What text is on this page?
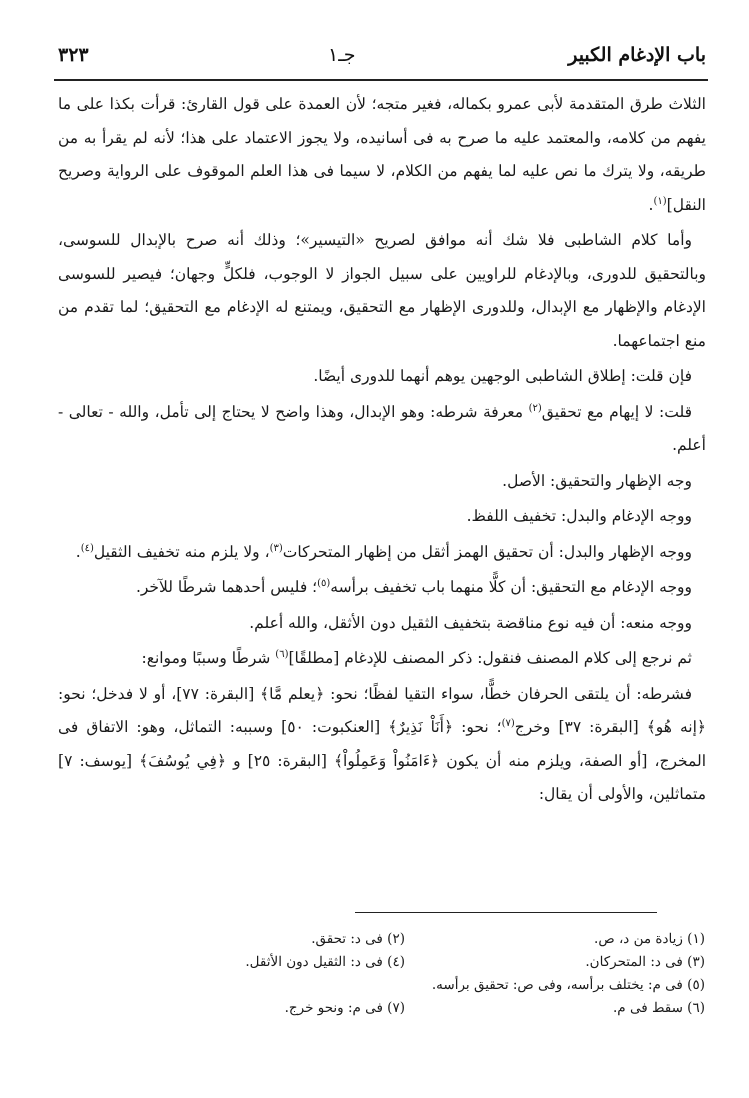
باب الإدغام الكبير
جـ١
٣٢٣

الثلاث طرق المتقدمة لأبى عمرو بكماله، فغير متجه؛ لأن العمدة على قول القارئ: قرأت بكذا على ما يفهم من كلامه، والمعتمد عليه ما صرح به فى أسانيده، ولا يجوز الاعتماد على هذا؛ لأنه لم يقرأ به من طريقه، ولا يترك ما نص عليه لما يفهم من الكلام، لا سيما فى هذا العلم الموقوف على الرواية وصريح النقل]$^{(١)}$.

وأما كلام الشاطبى فلا شك أنه موافق لصريح «التيسير»؛ وذلك أنه صرح بالإبدال للسوسى، وبالتحقيق للدورى، وبالإدغام للراويين على سبيل الجواز لا الوجوب، فلكلٍّ وجهان؛ فيصير للسوسى الإدغام والإظهار مع الإبدال، وللدورى الإظهار مع التحقيق، ويمتنع له الإدغام مع التحقيق؛ لما تقدم من منع اجتماعهما.

فإن قلت: إطلاق الشاطبى الوجهين يوهم أنهما للدورى أيضًا.

قلت: لا إيهام مع تحقيق$^{(٢)}$ معرفة شرطه: وهو الإبدال، وهذا واضح لا يحتاج إلى تأمل، والله - تعالى - أعلم.

وجه الإظهار والتحقيق: الأصل.

ووجه الإدغام والبدل: تخفيف اللفظ.

ووجه الإظهار والبدل: أن تحقيق الهمز أثقل من إظهار المتحركات$^{(٣)}$، ولا يلزم منه تخفيف الثقيل$^{(٤)}$.

ووجه الإدغام مع التحقيق: أن كلًّا منهما باب تخفيف برأسه$^{(٥)}$؛ فليس أحدهما شرطًا للآخر.

ووجه منعه: أن فيه نوع مناقضة بتخفيف الثقيل دون الأثقل، والله أعلم.

ثم نرجع إلى كلام المصنف فنقول: ذكر المصنف للإدغام [مطلقًا]$^{(٦)}$ شرطًا وسببًا وموانع:

فشرطه: أن يلتقى الحرفان خطًّا، سواء التقيا لفظًا؛ نحو: ﴿يعلم مَّا﴾ [البقرة: ٧٧]، أو لا فدخل؛ نحو: ﴿إنه هُو﴾ [البقرة: ٣٧] وخرج$^{(٧)}$؛ نحو: ﴿أَنَاْ نَذِيرٌ﴾ [العنكبوت: ٥٠] وسببه: التماثل، وهو: الاتفاق فى المخرج، [أو الصفة، ويلزم منه أن يكون ﴿ءَامَنُواْ وَعَمِلُواْ﴾ [البقرة: ٢٥] و ﴿فِي يُوسُفَ﴾ [يوسف: ٧] متماثلين، والأولى أن يقال:

(١) زيادة من د، ص.
(٢) فى د: تحقق.
(٣) فى د: المتحركان.
(٤) فى د: الثقيل دون الأثقل.
(٥) فى م: يختلف برأسه، وفى ص: تحقيق برأسه.
(٦) سقط فى م.
(٧) فى م: ونحو خرج.
